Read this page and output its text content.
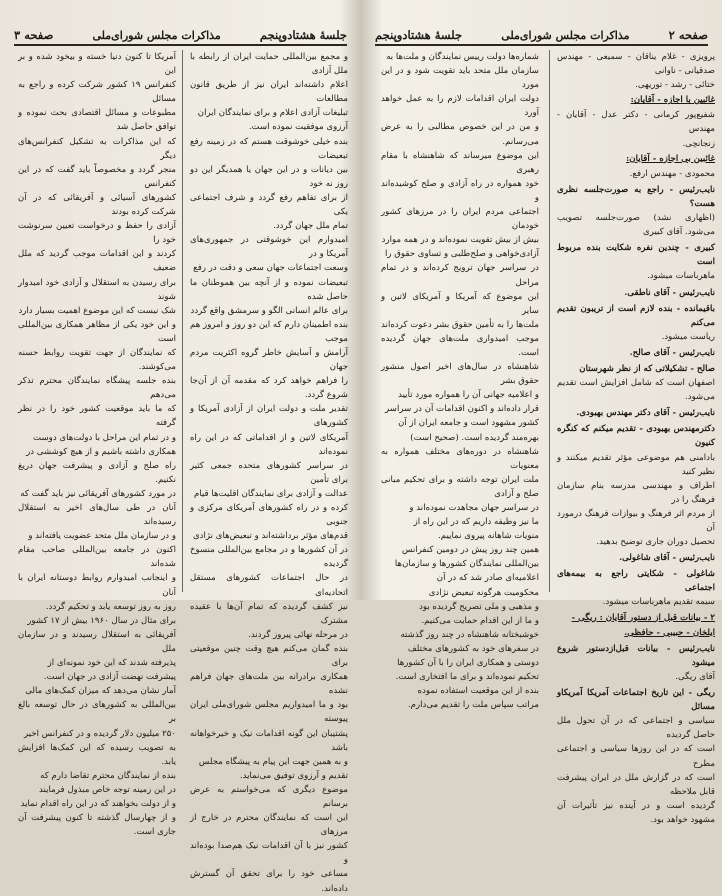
جلسهٔ هشتادوپنجم
مذاکرات مجلس شورای‌ملی
صفحه ۳
و مجمع بین‌المللی حمایت ایران از رابطه با ملل آزادی
اعلام داشته‌اند ایران نیز از طریق قانون مطالعات
تبلیغات آزادی اعلام و برای نمایندگان ایران
آرزوی موفقیت نموده است.
بنده خیلی خوشوقت هستم که در زمینه رفع تبعیضات
بین دیانات و در این جهان یا همدیگر این دو روز نه خود
از برای تفاهم رفع گردد و شرف اجتماعی یکی
تمام ملل جهان گردد.
امیدوارم این خوشوقتی در جمهوری‌های آمریکا و در
وسعت اجتماعات جهان سعی و دقت در رفع
تبعیضات نموده و از آنچه بین هموطنان ما حاصل شده
برای عالم انسانی الگو و سرمشق واقع گردد
بنده اطمینان دارم که این دو روز و امروز هم موجب
آرامش و آسایش خاطر گروه اکثریت مردم جهان
را فراهم خواهد کرد که مقدمه آن از آن‌جا شروع گردد.
تقدیر ملت و دولت ایران از آزادی آمریکا و کشورهای
آمریکای لاتین و از اقداماتی که در این راه نموده‌اند
در سراسر کشورهای متحده جمعی کثیر برای تأمین
عدالت و آزادی برای نمایندگان اقلیت‌ها قیام
کرده و در راه کشورهای آمریکای مرکزی و جنوبی
قدم‌های مؤثر برداشته‌اند و تبعیض‌های نژادی
در آن کشورها و در مجامع بین‌المللی منسوخ گردیده
در حال اجتماعات کشورهای مستقل اتحادیه‌ای
نیز کشف گردیده که تمام آن‌ها با عقیده مشترک
در مرحله نهائی پیروز گردند.
بنده گمان می‌کنم هیچ وقت چنین موقعیتی برای
همکاری برادرانه بین ملت‌های جهان فراهم نشده
بود و ما امیدواریم مجلس شورای‌ملی ایران پیوسته
پشتیبان این گونه اقدامات نیک و خیرخواهانه باشد
و به همین جهت این پیام به پیشگاه مجلس
تقدیم و آرزوی توفیق می‌نماید.
موضوع دیگری که می‌خواستم به عرض برسانم
این است که نمایندگان محترم در خارج از مرزهای
کشور نیز با آن اقدامات نیک هم‌صدا بوده‌اند و
مساعی خود را برای تحقق آن گسترش داده‌اند.
آمریکا تا کنون دنیا خسته و بیخود شده و بر این
کنفرانس ۱۹ کشور شرکت کرده و راجع به مسائل
مطبوعات و مسائل اقتصادی بحث نموده و توافق حاصل شد
که این مذاکرات به تشکیل کنفرانس‌های دیگر
منجر گردد و مخصوصاً باید گفت که در این کنفرانس
کشورهای آسیائی و آفریقائی که در آن شرکت کرده بودند
آزادی را حفظ و درخواست تعیین سرنوشت خود را
کردند و این اقدامات موجب گردید که ملل ضعیف
برای رسیدن به استقلال و آزادی خود امیدوار شوند
شک نیست که این موضوع اهمیت بسیار دارد
و این خود یکی از مظاهر همکاری بین‌المللی است
که نمایندگان از جهت تقویت روابط حسنه می‌کوشند.
بنده جلسه پیشگاه نمایندگان محترم تذکر می‌دهم
که ما باید موقعیت کشور خود را در نظر گرفته
و در تمام این مراحل با دولت‌های دوست
همکاری داشته باشیم و از هیچ کوششی در
راه صلح و آزادی و پیشرفت جهان دریغ نکنیم.
در مورد کشورهای آفریقائی نیز باید گفت که
آنان در طی سال‌های اخیر به استقلال رسیده‌اند
و در سازمان ملل متحد عضویت یافته‌اند و
اکنون در جامعه بین‌المللی صاحب مقام شده‌اند
و اینجانب امیدوارم روابط دوستانه ایران با آنان
روز به روز توسعه یابد و تحکیم گردد.
برای مثال در سال ۱۹۶۰ بیش از ۱۷ کشور
آفریقائی به استقلال رسیدند و در سازمان ملل
پذیرفته شدند که این خود نمونه‌ای از
پیشرفت نهضت آزادی در جهان است.
آمار نشان می‌دهد که میزان کمک‌های مالی
بین‌المللی به کشورهای در حال توسعه بالغ بر
۲۵۰ میلیون دلار گردیده و در کنفرانس اخیر
به تصویب رسیده که این کمک‌ها افزایش یابد.
بنده از نمایندگان محترم تقاضا دارم که
در این زمینه توجه خاص مبذول فرمایند
و از دولت بخواهند که در این راه اقدام نماید
و از چهارسال گذشته تا کنون پیشرفت آن جاری است.
صفحه ۲
مذاکرات مجلس شورای‌ملی
جلسهٔ هشتادوپنجم
پرویزی - غلام یناقان - سمیعی - مهندس صدقیانی - ناوانی
ختائی - رشد - توریهی.
غائبین با اجازه - آقایان:
شفیع‌پور کرمانی - دکتر عدل - آقایان - مهندس
زنجانچی.
غائبین بی اجازه - آقایان:
محمودی - مهندس ارفع.
نایب‌رئیس - راجع به صورت‌جلسه نظری هست؟
(اظهاری نشد) صورت‌جلسه تصویب می‌شود. آقای کبیری
کبیری - چندین نفره شکایت بنده مربوط است
ماهرباسات میشود.
نایب‌رئیس - آقای ناطقی.
باقیمانده - بنده لازم است از تریبون تقدیم می‌کنم
ریاست میشود.
نایب‌رئیس - آقای صالح.
صالح - تشکیلاتی که از نظر شهرستان
اصفهان است که شامل افزایش است تقدیم می‌شود.
نایب‌رئیس - آقای دکتر مهندس بهبودی.
دکترمهندس بهبودی - تقدیم میکنم که کنگره کنیون
بادامنی هم موضوعی مؤثر تقدیم میکنند و نظیر کنید
اطراف و مهندسی مدرسه بنام سازمان فرهنگ را در
از مردم اثر فرهنگ و بیوازات فرهنگ درمورد آن
تحصیل دوران جاری توضیح بدهید.
نایب‌رئیس - آقای شاغولی.
شاغولی - شکایتی راجع به بیمه‌های اجتماعی
سیمه تقدیم ماهرباسات میشود.
۲ - بیانات قبل از دستور آقایان : ریگی -
ایلخان - حبیبی - حافظی.
نایب‌رئیس - بیانات قبل‌ازدستور شروع میشود
آقای ریگی.
ریگی - این تاریخ اجتماعات آمریکا آمریکاو مسائل
سیاسی و اجتماعی که در آن تحول ملل حاصل گردیده
است که در این روزها سیاسی و اجتماعی مطرح
است که در گزارش ملل در ایران پیشرفت قابل ملاحظه
گردیده است و در آینده نیز تأثیرات آن مشهود خواهد بود.
شماره‌ها دولت رییس نمایندگان و ملت‌ها به
سازمان ملل متحد باید تقویت شود و در این مورد
دولت ایران اقدامات لازم را به عمل خواهد آورد
و من در این خصوص مطالبی را به عرض می‌رسانم.
این موضوع میرساند که شاهنشاه با مقام رهبری
خود همواره در راه آزادی و صلح کوشیده‌اند و
اجتماعی مردم ایران را در مرزهای کشور خودمان
بیش از بیش تقویت نموده‌اند و در همه موارد
آزادی‌خواهی و صلح‌طلبی و تساوی حقوق را
در سراسر جهان ترویج کرده‌اند و در تمام مراحل
این موضوع که آمریکا و آمریکای لاتین و سایر
ملت‌ها را به تأمین حقوق بشر دعوت کرده‌اند
موجب امیدواری ملت‌های جهان گردیده است.
شاهنشاه در سال‌های اخیر اصول منشور حقوق بشر
و اعلامیه جهانی آن را همواره مورد تأیید
قرار داده‌اند و اکنون اقدامات آن در سراسر
کشور مشهود است و جامعه ایران از آن
بهره‌مند گردیده است. (صحیح است)
شاهنشاه در دوره‌های مختلف همواره به معنویات
ملت ایران توجه داشته و برای تحکیم مبانی صلح و آزادی
در سراسر جهان مجاهدت نموده‌اند و
ما نیز وظیفه داریم که در این راه از
منویات شاهانه پیروی نماییم.
همین چند روز پیش در دومین کنفرانس
بین‌المللی نمایندگان کشورها و سازمان‌ها
اعلامیه‌ای صادر شد که در آن
محکومیت هرگونه تبعیض نژادی
و مذهبی و ملی تصریح گردیده بود
و ما از این اقدام حمایت می‌کنیم.
خوشبختانه شاهنشاه در چند روز گذشته
در سفرهای خود به کشورهای مختلف
دوستی و همکاری ایران را با آن کشورها
تحکیم نموده‌اند و برای ما افتخاری است.
بنده از این موقعیت استفاده نموده
مراتب سپاس ملت را تقدیم می‌دارم.
